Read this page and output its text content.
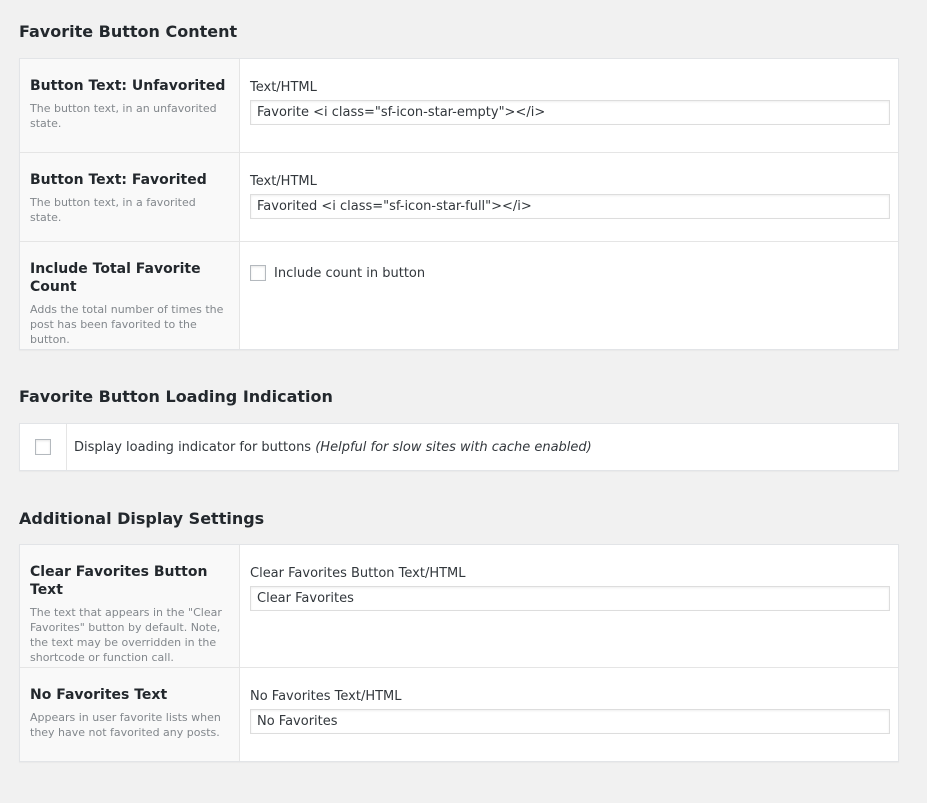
Favorite Button Content
Button Text: Unfavorited

The button text, in an unfavorited state.

Text/HTML
Favorite <i class="sf-icon-star-empty"></i>
Button Text: Favorited

The button text, in a favorited state.

Text/HTML
Favorited <i class="sf-icon-star-full"></i>
Include Total Favorite Count

Adds the total number of times the post has been favorited to the button.

Include count in button
Favorite Button Loading Indication
Display loading indicator for buttons (Helpful for slow sites with cache enabled)
Additional Display Settings
Clear Favorites Button Text

The text that appears in the "Clear Favorites" button by default. Note, the text may be overridden in the shortcode or function call.

Clear Favorites Button Text/HTML
Clear Favorites
No Favorites Text

Appears in user favorite lists when they have not favorited any posts.

No Favorites Text/HTML
No Favorites
